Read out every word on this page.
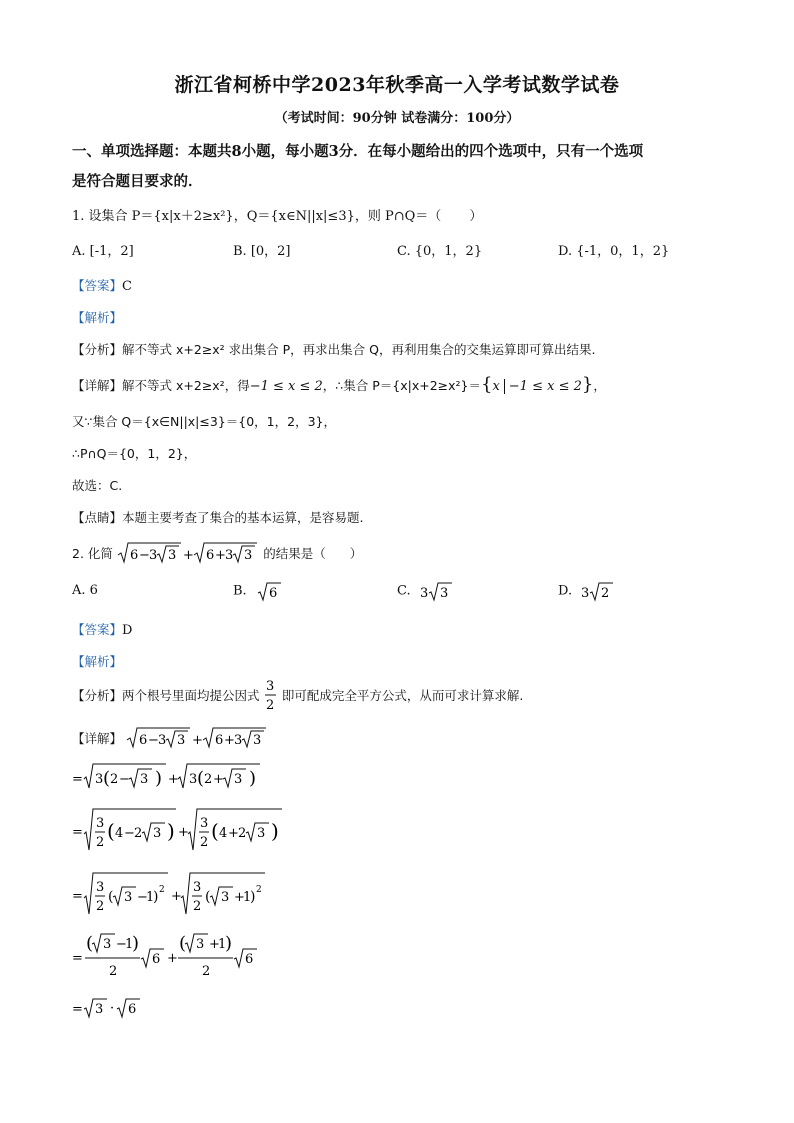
浙江省柯桥中学2023年秋季高一入学考试数学试卷
（考试时间：90分钟 试卷满分：100分）
一、单项选择题：本题共8小题，每小题3分．在每小题给出的四个选项中，只有一个选项
是符合题目要求的．
1. 设集合 P＝{x|x＋2≥x²}，Q＝{x∈N||x|≤3}，则 P∩Q＝（ ）
A. [-1，2]	B. [0，2]	C. {0，1，2}	D. {-1，0，1，2}
【答案】C
【解析】
【分析】解不等式 x+2≥x² 求出集合 P，再求出集合 Q，再利用集合的交集运算即可算出结果.
【详解】解不等式 x+2≥x²，得−1 ≤ x ≤ 2，∴集合 P＝{x|x+2≥x²}＝{x −1 ≤ x ≤ 2}，
又∵集合 Q＝{x∈N||x|≤3}＝{0，1，2，3}，
∴P∩Q＝{0，1，2}，
故选：C.
【点睛】本题主要考查了集合的基本运算，是容易题.
2. 化简 6 − 3 3 + 6 + 3 3 的结果是（ ）
A. 6	B. 6	C. 3 3	D. 3 2
【答案】D
【解析】
【分析】两个根号里面均提公因式
3
2
即可配成完全平方公式，从而可求计算求解.
【详解】 6 − 3 3 + 6 + 3 3
= 3 ( 2 − 3 ) + 3 ( 2 + 3 )
=
3
2 ( 4 − 2 3 ) +
3
2 ( 4 + 2 3 )
=
3
2
( 3 −
1
) 2 +
3
2
( 3 +
1
) 2
=
( 3 −
1
)
2
6 +
( 3 +
1
)
2
6
= 3 · 6
